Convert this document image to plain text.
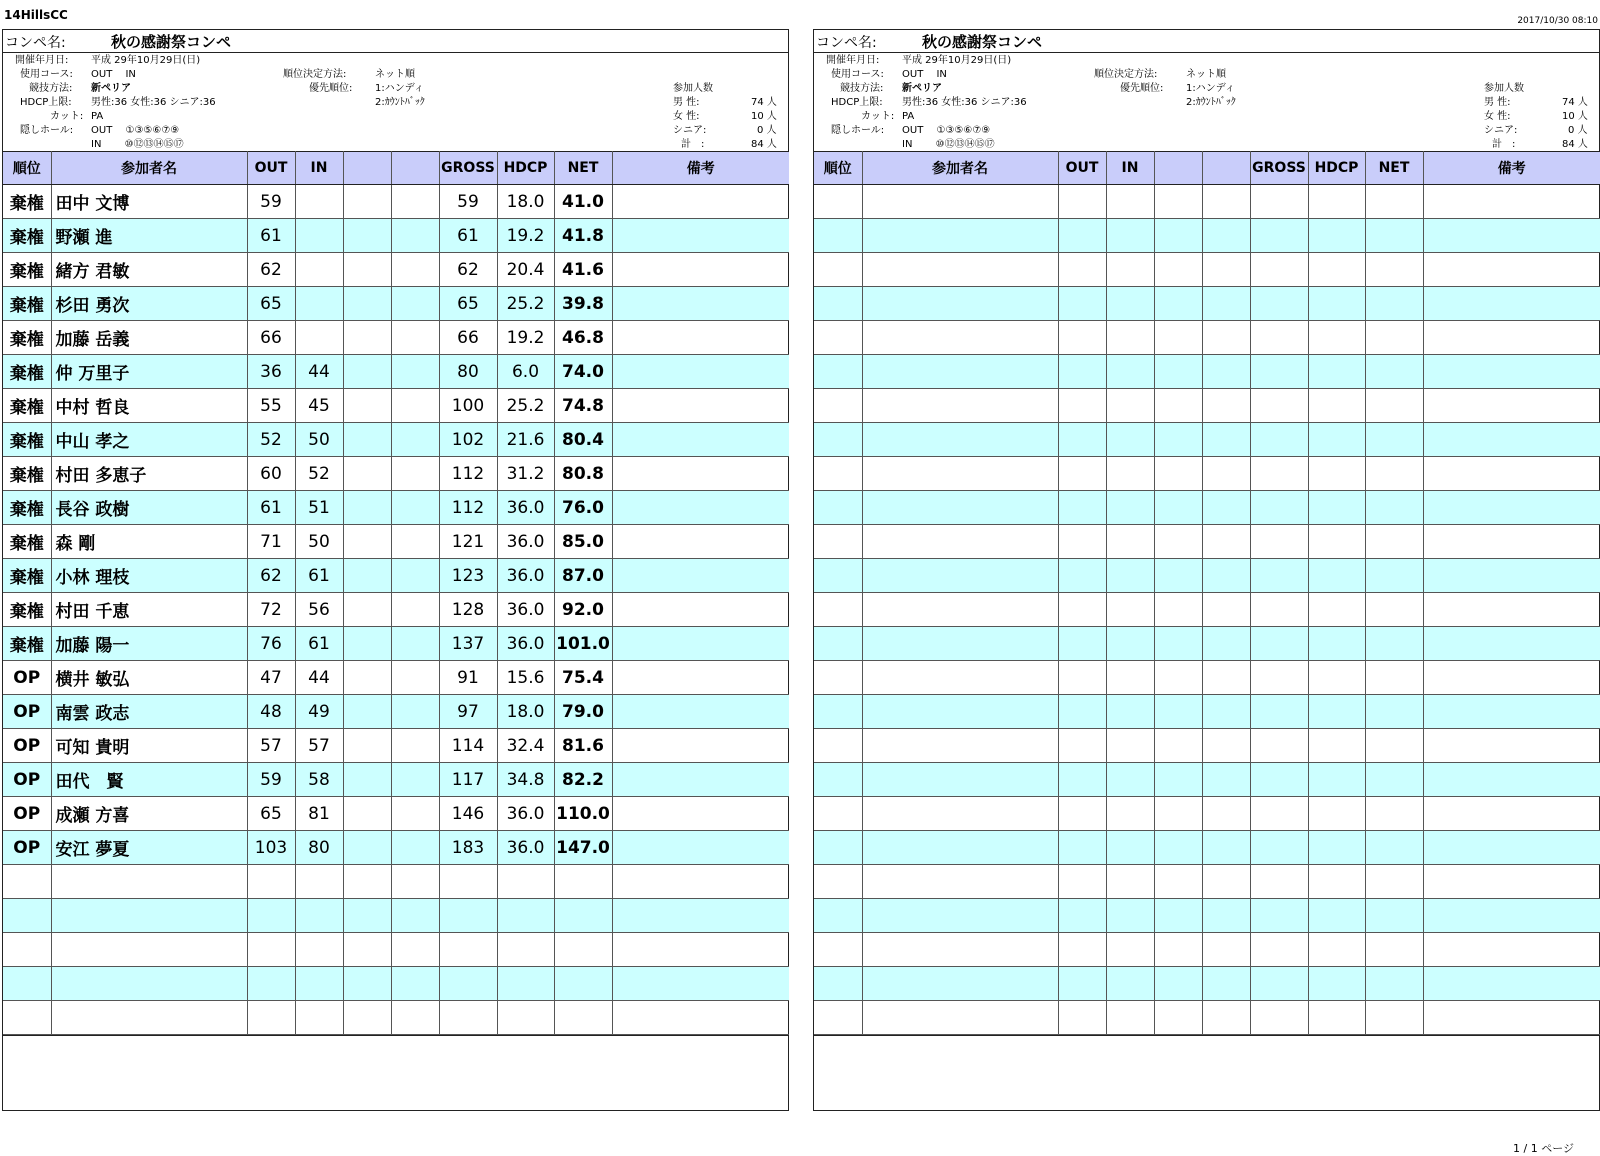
14HillsCC	2017/10/30 08:10
コンペ名:	秋の感謝祭コンペ
開催年月日: 平成 29年10月29日(日)
使用コース: OUT　 IN
競技方法: 新ペリア
HDCP上限: 男性:36 女性:36 シニア:36
カット: PA
隠しホール: OUT　 ①③⑤⑥⑦⑨
IN　　 ⑩⑫⑬⑭⑮⑰
順位決定方法:	ネット順
優先順位: 1:ハンディ
2:ｶｳﾝﾄﾊﾞｯｸ
参加人数
男 性:	74 人
女 性:	10 人
シニア:	0 人
計　:	84 人
順位	参加者名	OUT	IN			GROSS	HDCP	NET	備考
棄権	田中 文博	59				59	18.0	41.0	
棄権	野瀬 進	61				61	19.2	41.8	
棄権	緒方 君敏	62				62	20.4	41.6	
棄権	杉田 勇次	65				65	25.2	39.8	
棄権	加藤 岳義	66				66	19.2	46.8	
棄権	仲 万里子	36	44			80	6.0	74.0	
棄権	中村 哲良	55	45			100	25.2	74.8	
棄権	中山 孝之	52	50			102	21.6	80.4	
棄権	村田 多恵子	60	52			112	31.2	80.8	
棄権	長谷 政樹	61	51			112	36.0	76.0	
棄権	森 剛	71	50			121	36.0	85.0	
棄権	小林 理枝	62	61			123	36.0	87.0	
棄権	村田 千恵	72	56			128	36.0	92.0	
棄権	加藤 陽一	76	61			137	36.0	101.0	
OP	横井 敏弘	47	44			91	15.6	75.4	
OP	南雲 政志	48	49			97	18.0	79.0	
OP	可知 貴明	57	57			114	32.4	81.6	
OP	田代　賢	59	58			117	34.8	82.2	
OP	成瀬 方喜	65	81			146	36.0	110.0	
OP	安江 夢夏	103	80			183	36.0	147.0	

コンペ名:	秋の感謝祭コンペ
開催年月日: 平成 29年10月29日(日)
使用コース: OUT　 IN
競技方法: 新ペリア
HDCP上限: 男性:36 女性:36 シニア:36
カット: PA
隠しホール: OUT　 ①③⑤⑥⑦⑨
IN　　 ⑩⑫⑬⑭⑮⑰
順位決定方法:	ネット順
優先順位: 1:ハンディ
2:ｶｳﾝﾄﾊﾞｯｸ
参加人数
男 性:	74 人
女 性:	10 人
シニア:	0 人
計　:	84 人
順位	参加者名	OUT	IN			GROSS	HDCP	NET	備考

1 / 1 ページ
